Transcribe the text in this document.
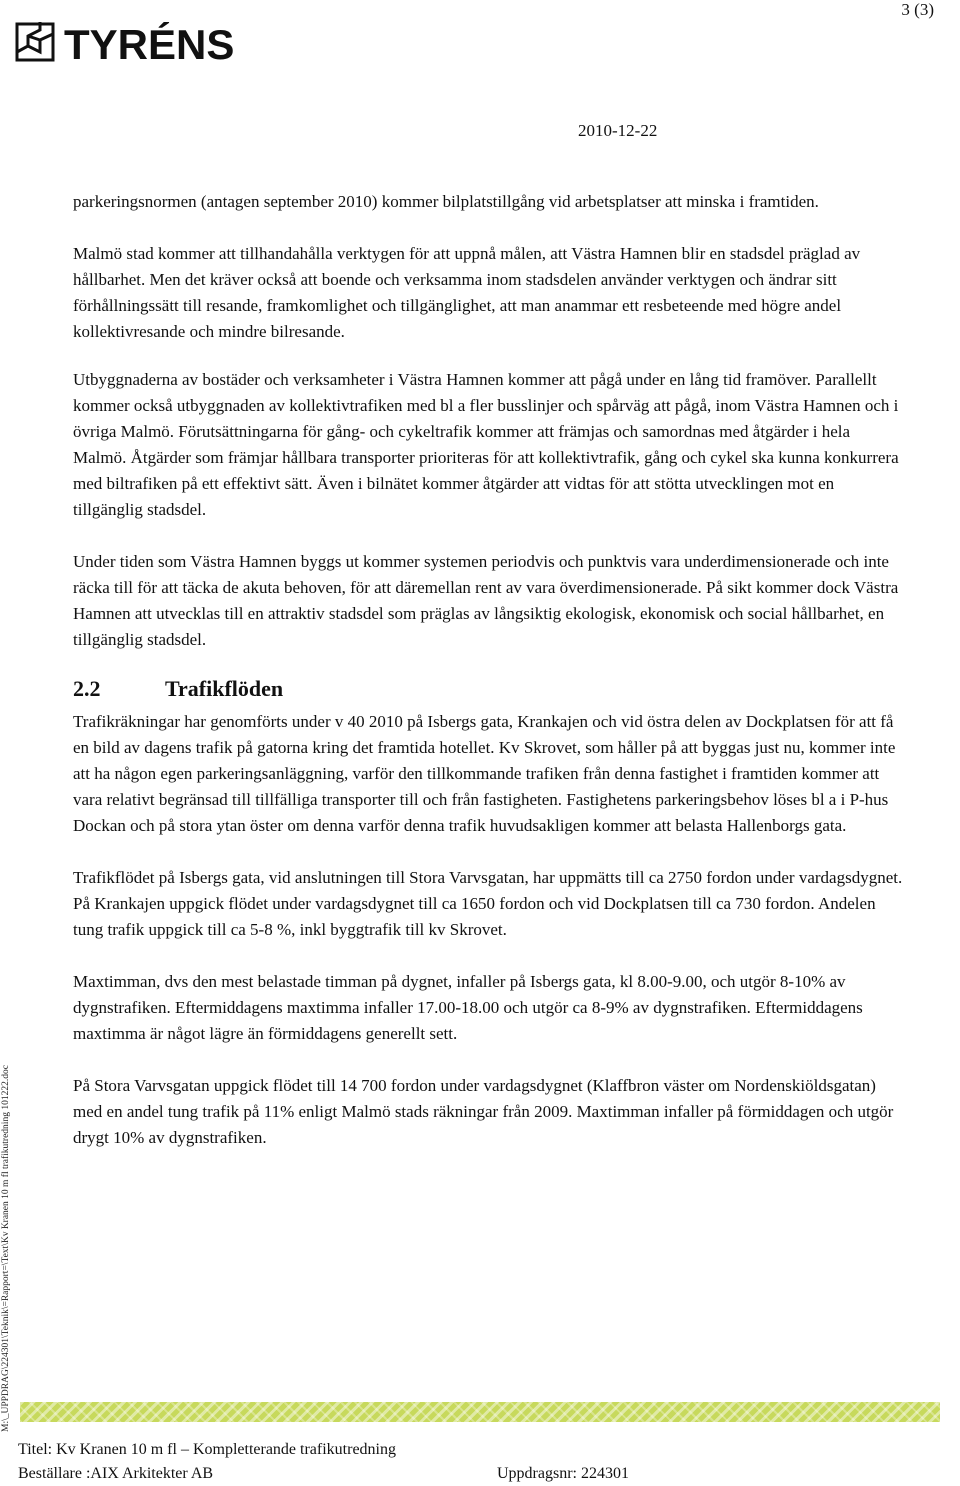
3 (3)
TYRÉNS
2010-12-22

parkeringsnormen (antagen september 2010) kommer bilplatstillgång vid arbetsplatser att minska i framtiden.

Malmö stad kommer att tillhandahålla verktygen för att uppnå målen, att Västra Hamnen blir en stadsdel präglad av hållbarhet. Men det kräver också att boende och verksamma inom stadsdelen använder verktygen och ändrar sitt förhållningssätt till resande, framkomlighet och tillgänglighet, att man anammar ett resbeteende med högre andel kollektivresande och mindre bilresande.

Utbyggnaderna av bostäder och verksamheter i Västra Hamnen kommer att pågå under en lång tid framöver. Parallellt kommer också utbyggnaden av kollektivtrafiken med bl a fler busslinjer och spårväg att pågå, inom Västra Hamnen och i övriga Malmö. Förutsättningarna för gång- och cykeltrafik kommer att främjas och samordnas med åtgärder i hela Malmö. Åtgärder som främjar hållbara transporter prioriteras för att kollektivtrafik, gång och cykel ska kunna konkurrera med biltrafiken på ett effektivt sätt. Även i bilnätet kommer åtgärder att vidtas för att stötta utvecklingen mot en tillgänglig stadsdel.

Under tiden som Västra Hamnen byggs ut kommer systemen periodvis och punktvis vara underdimensionerade och inte räcka till för att täcka de akuta behoven, för att däremellan rent av vara överdimensionerade. På sikt kommer dock Västra Hamnen att utvecklas till en attraktiv stadsdel som präglas av långsiktig ekologisk, ekonomisk och social hållbarhet, en tillgänglig stadsdel.

2.2	Trafikflöden

Trafikräkningar har genomförts under v 40 2010 på Isbergs gata, Krankajen och vid östra delen av Dockplatsen för att få en bild av dagens trafik på gatorna kring det framtida hotellet. Kv Skrovet, som håller på att byggas just nu, kommer inte att ha någon egen parkeringsanläggning, varför den tillkommande trafiken från denna fastighet i framtiden kommer att vara relativt begränsad till tillfälliga transporter till och från fastigheten. Fastighetens parkeringsbehov löses bl a i P-hus Dockan och på stora ytan öster om denna varför denna trafik huvudsakligen kommer att belasta Hallenborgs gata.

Trafikflödet på Isbergs gata, vid anslutningen till Stora Varvsgatan, har uppmätts till ca 2750 fordon under vardagsdygnet. På Krankajen uppgick flödet under vardagsdygnet till ca 1650 fordon och vid Dockplatsen till ca 730 fordon. Andelen tung trafik uppgick till ca 5-8 %, inkl byggtrafik till kv Skrovet.

Maxtimman, dvs den mest belastade timman på dygnet, infaller på Isbergs gata, kl 8.00-9.00, och utgör 8-10% av dygnstrafiken. Eftermiddagens maxtimma infaller 17.00-18.00 och utgör ca 8-9% av dygnstrafiken. Eftermiddagens maxtimma är något lägre än förmiddagens generellt sett.

På Stora Varvsgatan uppgick flödet till 14 700 fordon under vardagsdygnet (Klaffbron väster om Nordenskiöldsgatan) med en andel tung trafik på 11% enligt Malmö stads räkningar från 2009. Maxtimman infaller på förmiddagen och utgör drygt 10% av dygnstrafiken.

M:\_UPPDRAG\224301\Teknik\=Rapport=\Text\Kv Kranen 10 m fl trafikutredning 101222.doc
Titel: Kv Kranen 10 m fl – Kompletterande trafikutredning
Beställare :AIX Arkitekter AB	Uppdragsnr: 224301
